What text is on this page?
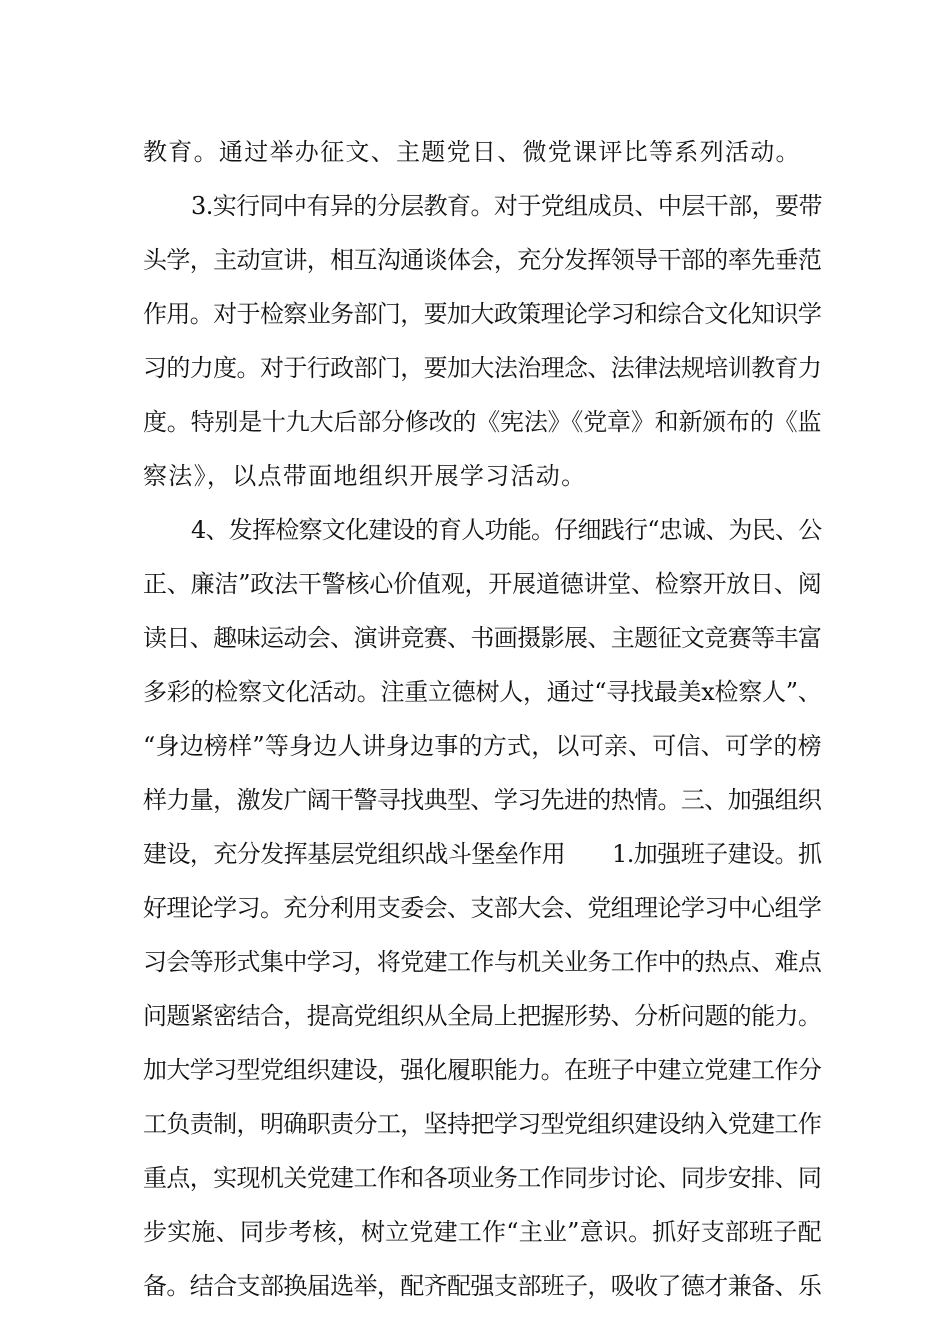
教育。通过举办征文、主题党日、微党课评比等系列活动。
3.实行同中有异的分层教育。对于党组成员、中层干部，要带
头学，主动宣讲，相互沟通谈体会，充分发挥领导干部的率先垂范
作用。对于检察业务部门，要加大政策理论学习和综合文化知识学
习的力度。对于行政部门，要加大法治理念、法律法规培训教育力
度。特别是十九大后部分修改的《宪法》《党章》和新颁布的《监
察法》，以点带面地组织开展学习活动。
4、发挥检察文化建设的育人功能。仔细践行“忠诚、为民、公
正、廉洁”政法干警核心价值观，开展道德讲堂、检察开放日、阅
读日、趣味运动会、演讲竞赛、书画摄影展、主题征文竞赛等丰富
多彩的检察文化活动。注重立德树人，通过“寻找最美x检察人”、
“身边榜样”等身边人讲身边事的方式，以可亲、可信、可学的榜
样力量，激发广阔干警寻找典型、学习先进的热情。三、加强组织
建设，充分发挥基层党组织战斗堡垒作用　　1.加强班子建设。抓
好理论学习。充分利用支委会、支部大会、党组理论学习中心组学
习会等形式集中学习，将党建工作与机关业务工作中的热点、难点
问题紧密结合，提高党组织从全局上把握形势、分析问题的能力。
加大学习型党组织建设，强化履职能力。在班子中建立党建工作分
工负责制，明确职责分工，坚持把学习型党组织建设纳入党建工作
重点，实现机关党建工作和各项业务工作同步讨论、同步安排、同
步实施、同步考核，树立党建工作“主业”意识。抓好支部班子配
备。结合支部换届选举，配齐配强支部班子，吸收了德才兼备、乐
